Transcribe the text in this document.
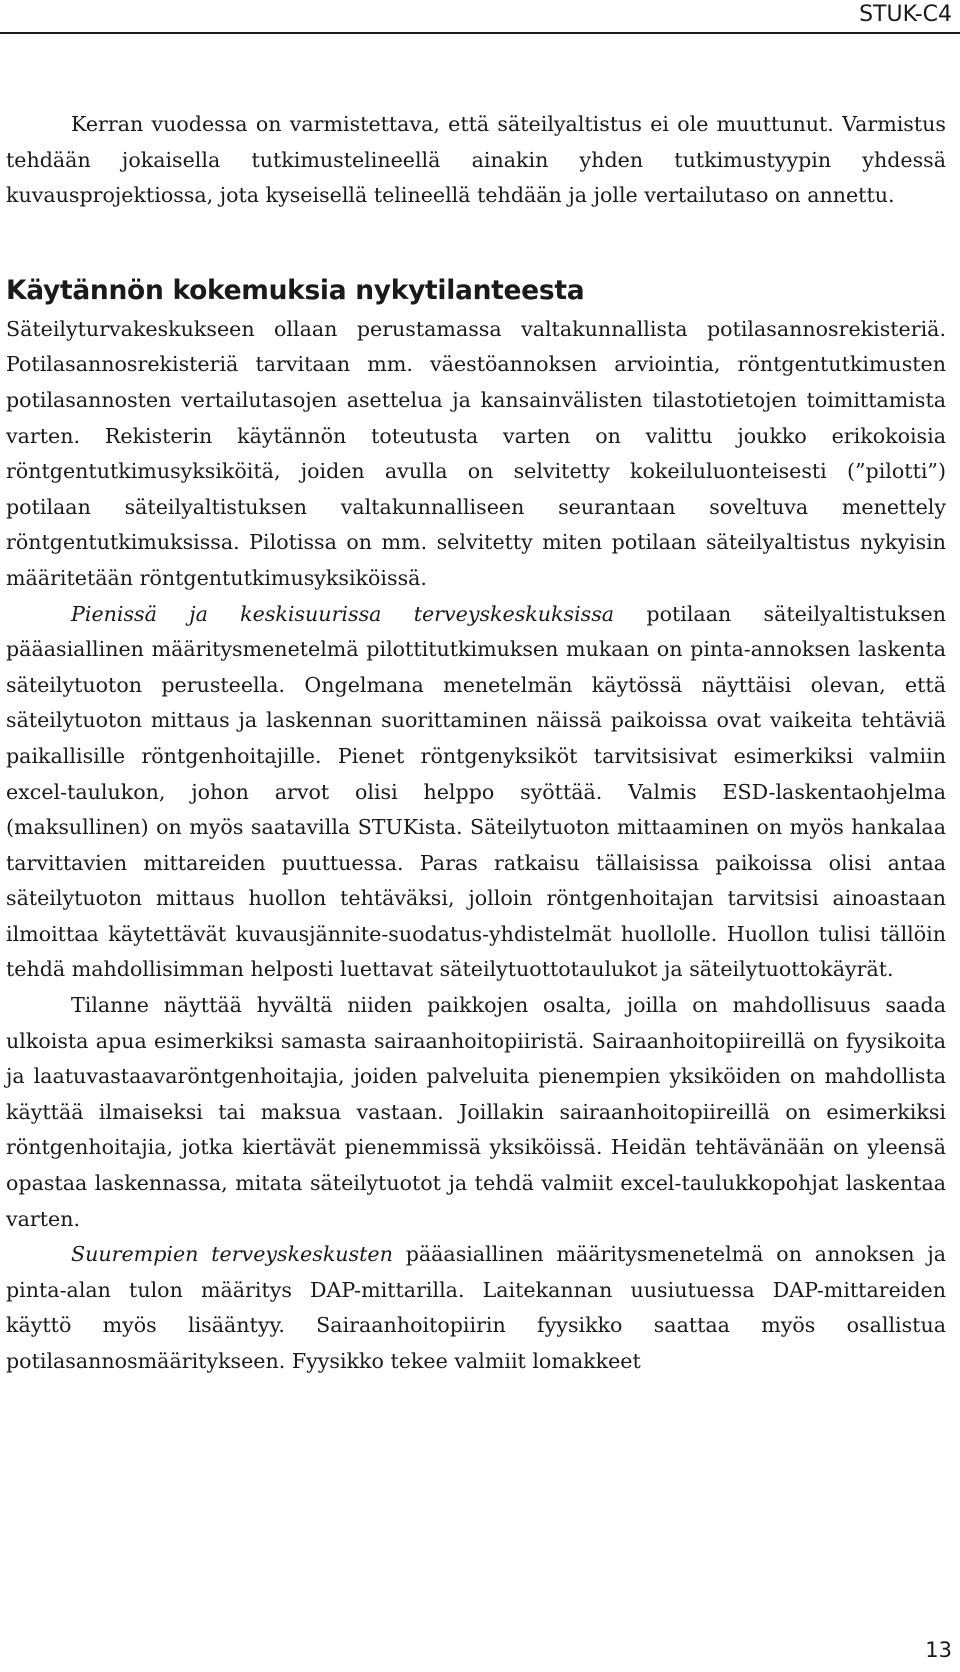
STUK-C4

Kerran vuodessa on varmistettava, että säteilyaltistus ei ole muuttunut. Varmistus tehdään jokaisella tutkimustelineellä ainakin yhden tutkimustyypin yhdessä kuvausprojektiossa, jota kyseisellä telineellä tehdään ja jolle vertailutaso on annettu.

Käytännön kokemuksia nykytilanteesta

Säteilyturvakeskukseen ollaan perustamassa valtakunnallista potilasannosrekisteriä. Potilasannosrekisteriä tarvitaan mm. väestöannoksen arviointia, röntgentutkimusten potilasannosten vertailutasojen asettelua ja kansainvälisten tilastotietojen toimittamista varten. Rekisterin käytännön toteutusta varten on valittu joukko erikokoisia röntgentutkimusyksiköitä, joiden avulla on selvitetty kokeiluluonteisesti (”pilotti”) potilaan säteilyaltistuksen valtakunnalliseen seurantaan soveltuva menettely röntgentutkimuksissa. Pilotissa on mm. selvitetty miten potilaan säteilyaltistus nykyisin määritetään röntgentutkimusyksiköissä.

Pienissä ja keskisuurissa terveyskeskuksissa potilaan säteilyaltistuksen pääasiallinen määritysmenetelmä pilottitutkimuksen mukaan on pinta-annoksen laskenta säteilytuoton perusteella. Ongelmana menetelmän käytössä näyttäisi olevan, että säteilytuoton mittaus ja laskennan suorittaminen näissä paikoissa ovat vaikeita tehtäviä paikallisille röntgenhoitajille. Pienet röntgenyksiköt tarvitsisivat esimerkiksi valmiin excel-taulukon, johon arvot olisi helppo syöttää. Valmis ESD-laskentaohjelma (maksullinen) on myös saatavilla STUKista. Säteilytuoton mittaaminen on myös hankalaa tarvittavien mittareiden puuttuessa. Paras ratkaisu tällaisissa paikoissa olisi antaa säteilytuoton mittaus huollon tehtäväksi, jolloin röntgenhoitajan tarvitsisi ainoastaan ilmoittaa käytettävät kuvausjännite-suodatus-yhdistelmät huollolle. Huollon tulisi tällöin tehdä mahdollisimman helposti luettavat säteilytuottotaulukot ja säteilytuottokäyrät.

Tilanne näyttää hyvältä niiden paikkojen osalta, joilla on mahdollisuus saada ulkoista apua esimerkiksi samasta sairaanhoitopiiristä. Sairaanhoitopiireillä on fyysikoita ja laatuvastaavaröntgenhoitajia, joiden palveluita pienempien yksiköiden on mahdollista käyttää ilmaiseksi tai maksua vastaan. Joillakin sairaanhoitopiireillä on esimerkiksi röntgenhoitajia, jotka kiertävät pienemmissä yksiköissä. Heidän tehtävänään on yleensä opastaa laskennassa, mitata säteilytuotot ja tehdä valmiit excel-taulukkopohjat laskentaa varten.

Suurempien terveyskeskusten pääasiallinen määritysmenetelmä on annoksen ja pinta-alan tulon määritys DAP-mittarilla. Laitekannan uusiutuessa DAP-mittareiden käyttö myös lisääntyy. Sairaanhoitopiirin fyysikko saattaa myös osallistua potilasannosmääritykseen. Fyysikko tekee valmiit lomakkeet

13
